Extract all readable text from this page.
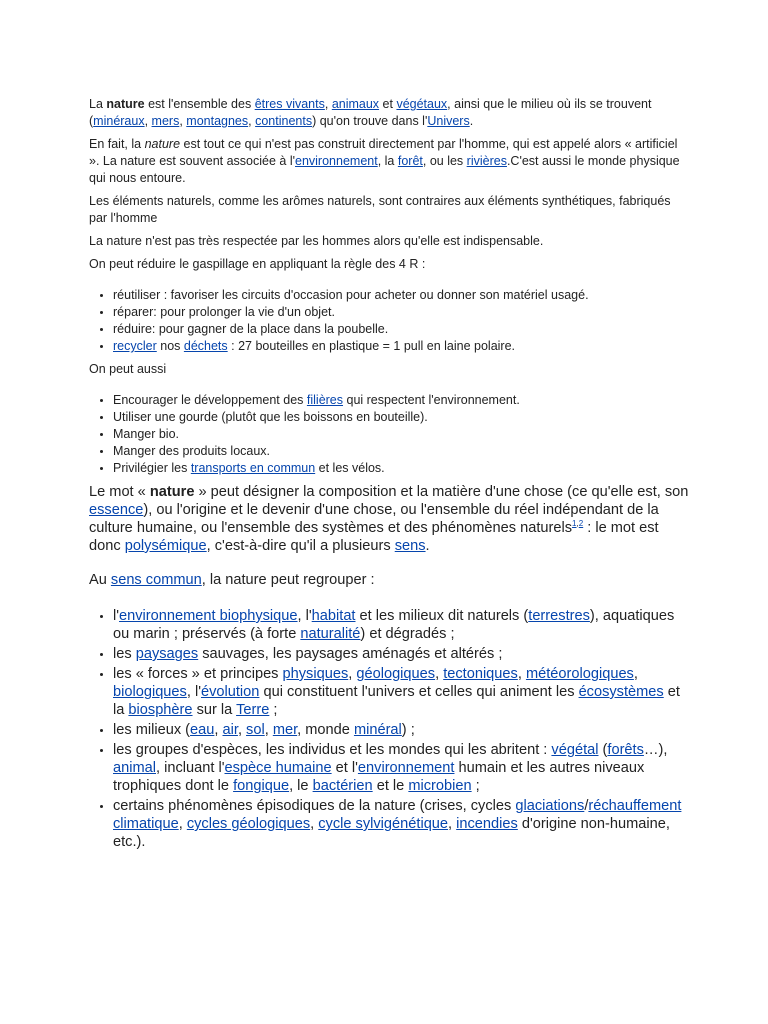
La nature est l'ensemble des êtres vivants, animaux et végétaux, ainsi que le milieu où ils se trouvent (minéraux, mers, montagnes, continents) qu'on trouve dans l'Univers.

En fait, la nature est tout ce qui n'est pas construit directement par l'homme, qui est appelé alors « artificiel ». La nature est souvent associée à l'environnement, la forêt, ou les rivières.C'est aussi le monde physique qui nous entoure.

Les éléments naturels, comme les arômes naturels, sont contraires aux éléments synthétiques, fabriqués par l'homme

La nature n'est pas très respectée par les hommes alors qu'elle est indispensable.

On peut réduire le gaspillage en appliquant la règle des 4 R :

• réutiliser : favoriser les circuits d'occasion pour acheter ou donner son matériel usagé.
• réparer: pour prolonger la vie d'un objet.
• réduire: pour gagner de la place dans la poubelle.
• recycler nos déchets : 27 bouteilles en plastique = 1 pull en laine polaire.

On peut aussi

• Encourager le développement des filières qui respectent l'environnement.
• Utiliser une gourde (plutôt que les boissons en bouteille).
• Manger bio.
• Manger des produits locaux.
• Privilégier les transports en commun et les vélos.

Le mot « nature » peut désigner la composition et la matière d'une chose (ce qu'elle est, son essence), ou l'origine et le devenir d'une chose, ou l'ensemble du réel indépendant de la culture humaine, ou l'ensemble des systèmes et des phénomènes naturels$^{1,2}$ : le mot est donc polysémique, c'est-à-dire qu'il a plusieurs sens.

Au sens commun, la nature peut regrouper :

• l'environnement biophysique, l'habitat et les milieux dit naturels (terrestres), aquatiques ou marin ; préservés (à forte naturalité) et dégradés ;
• les paysages sauvages, les paysages aménagés et altérés ;
• les « forces » et principes physiques, géologiques, tectoniques, météorologiques, biologiques, l'évolution qui constituent l'univers et celles qui animent les écosystèmes et la biosphère sur la Terre ;
• les milieux (eau, air, sol, mer, monde minéral) ;
• les groupes d'espèces, les individus et les mondes qui les abritent : végétal (forêts…), animal, incluant l'espèce humaine et l'environnement humain et les autres niveaux trophiques dont le fongique, le bactérien et le microbien ;
• certains phénomènes épisodiques de la nature (crises, cycles glaciations/réchauffement climatique, cycles géologiques, cycle sylvigénétique, incendies d'origine non-humaine, etc.).
